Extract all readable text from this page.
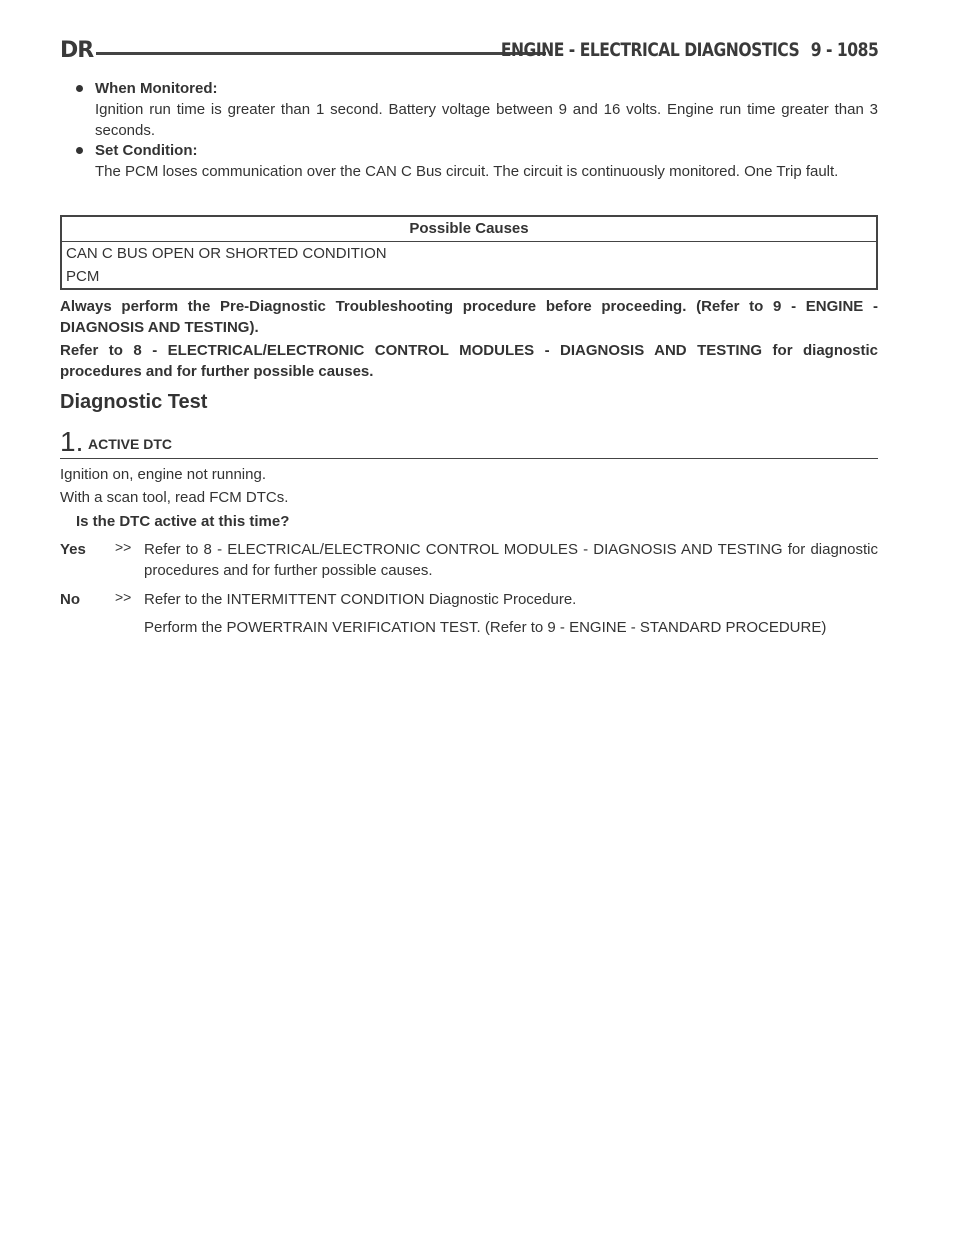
DR	ENGINE - ELECTRICAL DIAGNOSTICS 9 - 1085
When Monitored:
Ignition run time is greater than 1 second. Battery voltage between 9 and 16 volts. Engine run time greater than 3 seconds.
Set Condition:
The PCM loses communication over the CAN C Bus circuit. The circuit is continuously monitored. One Trip fault.
Possible Causes
CAN C BUS OPEN OR SHORTED CONDITION
PCM
Always perform the Pre-Diagnostic Troubleshooting procedure before proceeding. (Refer to 9 - ENGINE - DIAGNOSIS AND TESTING).
Refer to 8 - ELECTRICAL/ELECTRONIC CONTROL MODULES - DIAGNOSIS AND TESTING for diagnostic procedures and for further possible causes.
Diagnostic Test
1. ACTIVE DTC
Ignition on, engine not running.
With a scan tool, read FCM DTCs.
Is the DTC active at this time?
Yes >> Refer to 8 - ELECTRICAL/ELECTRONIC CONTROL MODULES - DIAGNOSIS AND TESTING for diagnostic procedures and for further possible causes.
No	>> Refer to the INTERMITTENT CONDITION Diagnostic Procedure.
Perform the POWERTRAIN VERIFICATION TEST. (Refer to 9 - ENGINE - STANDARD PROCEDURE)
